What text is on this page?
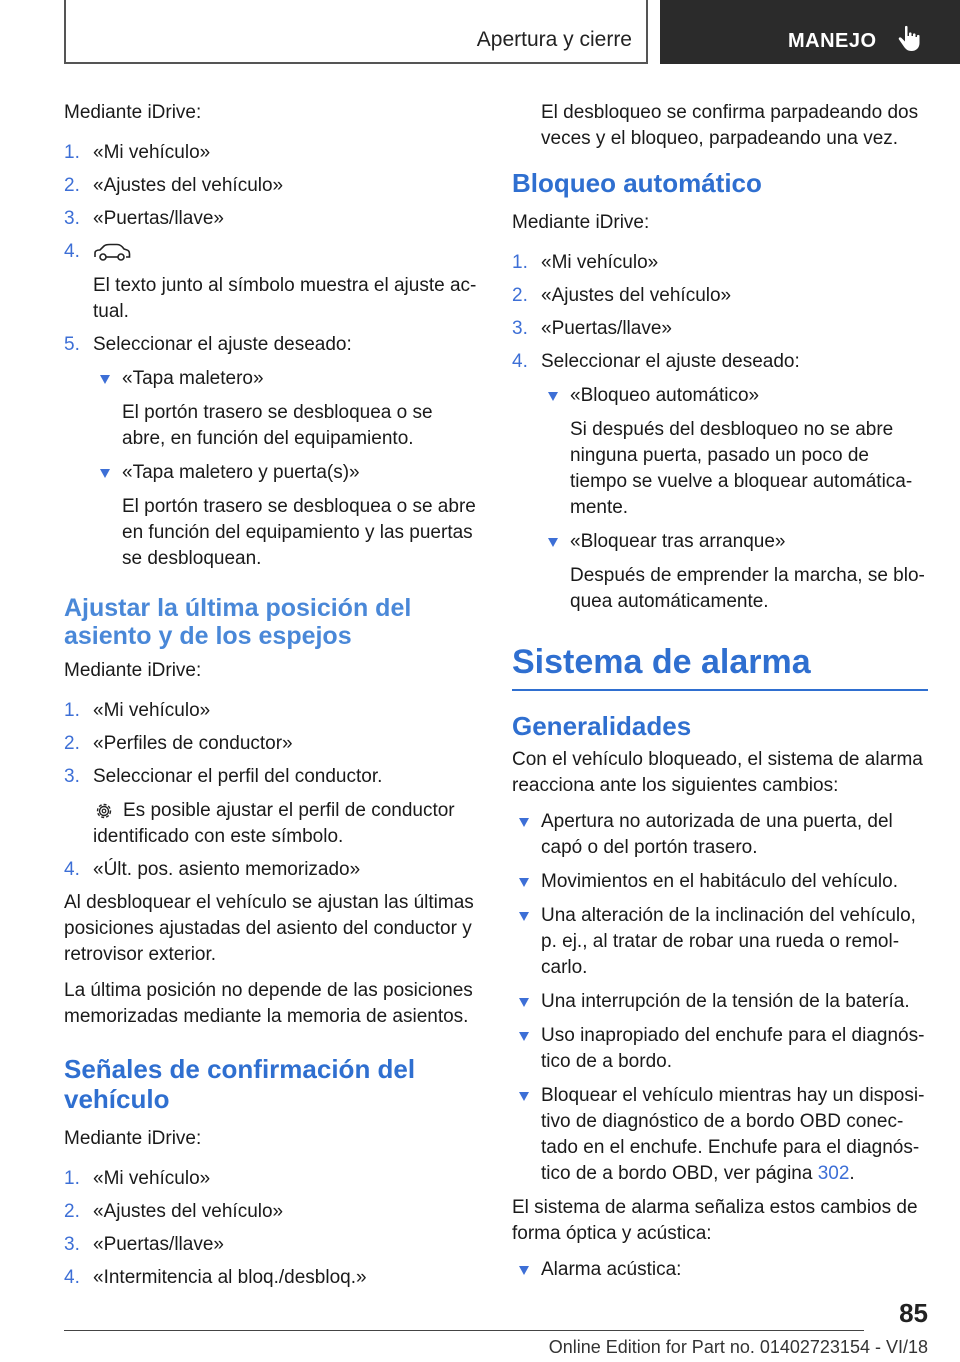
Apertura y cierre	MANEJO

Mediante iDrive:

1. «Mi vehículo»
2. «Ajustes del vehículo»
3. «Puertas/llave»
4.
El texto junto al símbolo muestra el ajuste actual.
5. Seleccionar el ajuste deseado:
«Tapa maletero»
El portón trasero se desbloquea o se abre, en función del equipamiento.
«Tapa maletero y puerta(s)»
El portón trasero se desbloquea o se abre en función del equipamiento y las puertas se desbloquean.
Ajustar la última posición del asiento y de los espejos

Mediante iDrive:

1. «Mi vehículo»
2. «Perfiles de conductor»
3. Seleccionar el perfil del conductor.
Es posible ajustar el perfil de conductor identificado con este símbolo.
4. «Últ. pos. asiento memorizado»

Al desbloquear el vehículo se ajustan las últimas posiciones ajustadas del asiento del conductor y retrovisor exterior.

La última posición no depende de las posiciones memorizadas mediante la memoria de asientos.

Señales de confirmación del vehículo

Mediante iDrive:

1. «Mi vehículo»
2. «Ajustes del vehículo»
3. «Puertas/llave»
4. «Intermitencia al bloq./desbloq.»

El desbloqueo se confirma parpadeando dos veces y el bloqueo, parpadeando una vez.

Bloqueo automático

Mediante iDrive:

1. «Mi vehículo»
2. «Ajustes del vehículo»
3. «Puertas/llave»
4. Seleccionar el ajuste deseado:
«Bloqueo automático»
Si después del desbloqueo no se abre ninguna puerta, pasado un poco de tiempo se vuelve a bloquear automáticamente.
«Bloquear tras arranque»
Después de emprender la marcha, se bloquea automáticamente.
Sistema de alarma
Generalidades

Con el vehículo bloqueado, el sistema de alarma reacciona ante los siguientes cambios:

Apertura no autorizada de una puerta, del capó o del portón trasero.
Movimientos en el habitáculo del vehículo.
Una alteración de la inclinación del vehículo, p. ej., al tratar de robar una rueda o remolcarlo.
Una interrupción de la tensión de la batería.
Uso inapropiado del enchufe para el diagnóstico de a bordo.
Bloquear el vehículo mientras hay un dispositivo de diagnóstico de a bordo OBD conectado en el enchufe. Enchufe para el diagnóstico de a bordo OBD, ver página 302.

El sistema de alarma señaliza estos cambios de forma óptica y acústica:

Alarma acústica:
85
Online Edition for Part no. 01402723154 - VI/18
